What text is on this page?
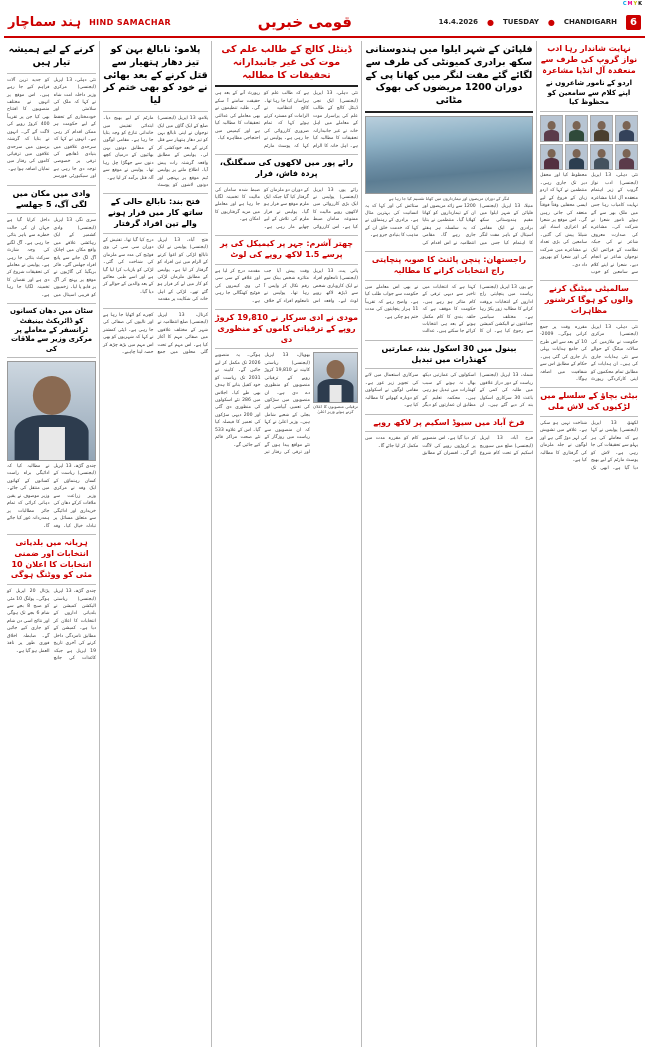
CMYK
ہند سماچار HIND SAMACHAR	قومی خبریں	14.4.2026 ● TUESDAY ● CHANDIGARH	6
کرنے کے لیے ہمیشہ تیار ہیں
نئی دہلی، 13 اپریل (ایجنسی) مرکزی وزیر داخلہ امت شاہ نے کہا کہ ملک کی سلامتی اور خودمختاری کے تحفظ کے لیے حکومت ہر ممکن اقدام کر رہی ہے۔ انہوں نے کہا کہ سرحدی علاقوں میں بنیادی ڈھانچے کی ترقی پر خصوصی توجہ دی جا رہی ہے اور سیکیورٹی فورسز کو جدید ترین آلات فراہم کیے جا رہے ہیں۔ اس موقع پر انہوں نے مختلف منصوبوں کا افتتاح بھی کیا جن پر تقریباً 400 کروڑ روپے کی لاگت آئے گی۔ انہوں نے بتایا کہ گزشتہ برسوں میں سرحدی علاقوں میں ترقیاتی کاموں کی رفتار میں نمایاں اضافہ ہوا ہے۔
وادی میں مکان میں لگی آگ، 5 جھلسے
سری نگر، 13 اپریل (ایجنسی) وادی کشمیر کے ایک رہائشی علاقے میں واقع مکان میں اچانک آگ لگ جانے سے پانچ افراد جھلس گئے۔ فائر بریگیڈ کی گاڑیوں نے موقع پر پہنچ کر آگ پر قابو پا لیا۔ زخمیوں کو قریبی اسپتال میں داخل کرایا گیا ہے جہاں ان کی حالت خطرے سے باہر بتائی جا رہی ہے۔ آگ لگنے کی وجہ شارٹ سرکٹ بتائی جا رہی ہے۔ پولیس نے معاملے کی تحقیقات شروع کر دی ہے اور نقصان کا تخمینہ لگایا جا رہا ہے۔
سٹان میں دھان کسانوں کو ڈائریکٹ بینیفٹ ٹرانسفر کے معاملے پر مرکزی وزیر سے ملاقات کی
چندی گڑھ، 13 اپریل (ایجنسی) ریاست کے کسان رہنماؤں کے ایک وفد نے مرکزی وزیر زراعت سے ملاقات کرکے دھان کی خریداری اور ادائیگی سے متعلق مسائل پر تبادلہ خیال کیا۔ وفد نے مطالبہ کیا کہ ادائیگی براہ راست کسانوں کے کھاتوں میں منتقل کی جائے۔ وزیر موصوف نے یقین دہانی کرائی کہ تمام جائز مطالبات پر ہمدردانہ غور کیا جائے گا۔
ہریانہ میں بلدیاتی انتخابات اور ضمنی انتخابات کا اعلان 10 مئی کو ووٹنگ ہوگی
چندی گڑھ، 13 اپریل (ایجنسی) ریاستی الیکشن کمیشن نے بلدیاتی اداروں کے انتخابات کا اعلان کر دیا ہے۔ کمیشن کے مطابق نامزدگی داخل کرنے کی آخری تاریخ 19 اپریل ہے جبکہ کاغذات کی جانچ پڑتال 20 اپریل کو ہوگی۔ پولنگ 10 مئی کو صبح 8 بجے سے شام 6 بجے تک ہوگی اور نتائج اسی دن شام کو جاری کیے جائیں گے۔ ضابطہ اخلاق فوری طور پر نافذ العمل ہو گیا ہے۔
پلامو: نابالغ بہن کو تیز دھار ہتھیار سے قتل کرنے کے بعد بھائی نے خود کو بھی ختم کر لیا
پلامو، 13 اپریل (ایجنسی) ضلع کے ایک گاؤں میں ایک نوجوان نے اپنی نابالغ بہن کو تیز دھار ہتھیار سے قتل کرنے کے بعد خودکشی کر لی۔ پولیس کے مطابق واقعہ گزشتہ رات پیش آیا۔ اطلاع ملنے پر پولیس ٹیم موقع پر پہنچی اور دونوں لاشوں کو پوسٹ مارٹم کے لیے بھیج دیا۔ ابتدائی تفتیش میں خاندانی تنازع کو وجہ بتایا جا رہا ہے۔ مقامی لوگوں کے مطابق دونوں بہن بھائیوں کے درمیان کچھ دنوں سے جھگڑا چل رہا تھا۔ پولیس نے موقع سے آلہ قتل برآمد کر لیا ہے۔
فتح بند: نابالغ حالی کے ساتھ کار میں فرار ہونے والے تین افراد گرفتار
فتح آباد، 13 اپریل (ایجنسی) پولیس نے ایک نابالغ لڑکی کو اغوا کرنے کے الزام میں تین افراد کو گرفتار کر لیا ہے۔ پولیس کے مطابق ملزمان لڑکی کو کار میں لے کر فرار ہو گئے تھے۔ لڑکی کے اہل خانہ کی شکایت پر مقدمہ درج کیا گیا تھا۔ تفتیش کے دوران سی سی ٹی وی فوٹیج کی مدد سے ملزمان کی شناخت کی گئی۔ لڑکی کو بازیاب کرا لیا گیا ہے اور اسے طبی معائنے کے بعد والدین کے حوالے کر دیا گیا۔
کرنال، 13 اپریل (ایجنسی) ضلع انتظامیہ نے شہر کے مختلف علاقوں میں صفائی مہم کا آغاز کیا ہے۔ اس مہم کے تحت گلی محلوں میں جمع کچرے کو اٹھایا جا رہا ہے اور نالیوں کی صفائی کی جا رہی ہے۔ ڈپٹی کمشنر نے کہا کہ شہریوں کو بھی اس مہم میں بڑھ چڑھ کر حصہ لینا چاہیے۔
ڈینٹل کالج کے طالب علم کی موت کی غیر جانبدارانہ تحقیقات کا مطالبہ
نئی دہلی، 13 اپریل (ایجنسی) ایک نجی ڈینٹل کالج کے طالب علم کی پراسرار موت کے معاملے میں اہل خانہ نے غیر جانبدارانہ تحقیقات کا مطالبہ کیا ہے۔ اہل خانہ کا الزام ہے کہ طالب علم کو ہراساں کیا جا رہا تھا۔ کالج انتظامیہ نے الزامات کو مسترد کرتے ہوئے کہا کہ تمام ضروری کارروائی کی جا رہی ہے۔ پولیس نے کہا کہ پوسٹ مارٹم رپورٹ آنے کے بعد ہی حقیقت سامنے آ سکے گی۔ طلبہ تنظیموں نے بھی معاملے کی عدالتی تحقیقات کا مطالبہ کیا ہے اور کیمپس میں احتجاجی مظاہرہ کیا۔
رائے پور میں لاکھوں کی سمگلنگ، پردہ فاش، فرار
رائے پور، 13 اپریل (ایجنسی) پولیس نے ایک بڑی کارروائی میں لاکھوں روپے مالیت کا ممنوعہ سامان ضبط کیا ہے۔ اس کارروائی کے دوران دو ملزمان کو گرفتار کیا گیا جبکہ ایک ملزم موقع سے فرار ہو گیا۔ پولیس نے فرار ملزم کی تلاش کے لیے چھاپے مار رہی ہے۔ ضبط شدہ سامان کی مالیت کا تخمینہ لگایا جا رہا ہے اور معاملے میں مزید گرفتاریوں کا امکان ہے۔
چھتر آشرم: جہر پر کیمیکل کی پر پرسے 1.5 لاکھ روپے کی لوٹ
پانی پت، 13 اپریل (ایجنسی) نامعلوم افراد نے ایک کاروباری شخص سے ڈیڑھ لاکھ روپے لوٹ لیے۔ واقعہ اس وقت پیش آیا جب متاثرہ شخص بینک سے رقم نکال کر واپس آ رہا تھا۔ پولیس نے نامعلوم افراد کے خلاف مقدمہ درج کر لیا ہے اور علاقے کے سی سی ٹی وی کیمروں کی فوٹیج کھنگالی جا رہی ہے۔
مودی نے ادی سرکار نے 19,810 کروڑ روپے کے ترقیاتی کاموں کو منظوری دی
ترقیاتی منصوبوں کا اعلان کرتے ہوئے وزیر اعلیٰ
بھوپال، 13 اپریل (ایجنسی) ریاستی کابینہ نے 19,810 کروڑ روپے کے ترقیاتی منصوبوں کو منظوری دے دی ہے۔ ان منصوبوں میں سڑکوں کی تعمیر، آبپاشی اور بجلی کے شعبے شامل ہیں۔ وزیر اعلیٰ نے کہا کہ ان منصوبوں سے ریاست میں روزگار کے نئے مواقع پیدا ہوں گے اور ترقی کی رفتار تیز ہوگی۔ یہ منصوبے 2026 تک مکمل کر لیے جائیں گے۔ کابینہ نے 2031 تک ریاست کو خود کفیل بنانے کا ہدف بھی طے کیا۔ اجلاس میں 286 نئے اسکولوں کی منظوری دی گئی اور 200 دیہی سڑکوں کی تعمیر کا فیصلہ کیا گیا۔ اس کے علاوہ 533 نئے صحت مراکز قائم کیے جائیں گے۔
فلپائن کے شہر ایلوا میں ہندوستانی سکھ برادری کمیونٹی کی طرف سے لگائے گئے مفت لنگر میں کھانا پی کے دوران 1200 مریضوں کی بھوک مٹائی
لنگر کے دوران مریضوں اور تیمارداروں میں کھانا تقسیم کیا جا رہا ہے
منیلا، 13 اپریل (ایجنسی) فلپائن کے شہر ایلوا میں مقیم ہندوستانی سکھ برادری نے ایک مقامی اسپتال کے باہر مفت لنگر کا اہتمام کیا جس میں 1200 سے زائد مریضوں اور ان کے تیمارداروں کو کھانا کھلایا گیا۔ منتظمین نے بتایا کہ یہ سلسلہ ہر ہفتے جاری رہے گا۔ مقامی انتظامیہ نے اس اقدام کی ستائش کی اور کہا کہ یہ انسانیت کی بہترین مثال ہے۔ برادری کے رہنماؤں نے کہا کہ خدمت خلق ان کے مذہب کا بنیادی جزو ہے۔
راجستھان: پنچن پائنٹ کا صوبہ پنچایتی راج انتخابات کرانے کا مطالبہ
جے پور، 13 اپریل (ایجنسی) ریاست میں پنچایتی راج اداروں کے انتخابات بروقت کرانے کا مطالبہ زور پکڑ رہا ہے۔ مختلف سیاسی جماعتوں نے الیکشن کمیشن سے رجوع کیا ہے۔ ان کا کہنا ہے کہ انتخابات میں تاخیر سے دیہی ترقی کے کام متاثر ہو رہے ہیں۔ حکومت کا موقف ہے کہ حلقہ بندی کا کام مکمل ہونے کے بعد ہی انتخابات کرائے جا سکتے ہیں۔ عدالت نے بھی اس معاملے میں حکومت سے جواب طلب کیا ہے۔ واضح رہے کہ تقریباً 11 ہزار پنچایتوں کی مدت ختم ہو چکی ہے۔
بینول میں 30 اسکول بند، عمارتیں کھنڈرات میں تبدیل
شملہ، 13 اپریل (ایجنسی) ریاست کے دور دراز علاقوں میں طلبہ کی کمی کے باعث 30 سرکاری اسکول بند کر دیے گئے ہیں۔ ان اسکولوں کی عمارتیں دیکھ بھال نہ ہونے کے سبب کھنڈرات میں تبدیل ہو رہی ہیں۔ محکمہ تعلیم کے مطابق ان عمارتوں کو دیگر سرکاری استعمال میں لانے کی تجویز زیر غور ہے۔ مقامی لوگوں نے اسکولوں کو دوبارہ کھولنے کا مطالبہ کیا ہے۔
فرخ آباد میں سیوڈ اسکیم پر لاکھ روپے
فرخ آباد، 13 اپریل (ایجنسی) ضلع میں سیوریج اسکیم کے تحت کام شروع کر دیا گیا ہے۔ اس منصوبے پر کروڑوں روپے کی لاگت آئے گی۔ افسران کے مطابق کام کو مقررہ مدت میں مکمل کر لیا جائے گا۔
نہایت شاندار رہا ادب نواز گروپ کی طرف سے منعقدہ آل انڈیا مشاعرہ
اردو کے نامور شاعروں نے اپنے کلام سے سامعین کو محظوظ کیا
نئی دہلی، 13 اپریل (ایجنسی) ادب نواز گروپ کے زیر اہتمام منعقدہ آل انڈیا مشاعرہ نہایت کامیاب رہا جس میں ملک بھر سے آئے ہوئے نامور شعرا نے شرکت کی۔ مشاعرے کی صدارت معروف شاعر نے کی جبکہ نظامت کے فرائض ایک نوجوان شاعر نے انجام دیے۔ شعرا نے اپنے کلام سے سامعین کو خوب محظوظ کیا اور محفل دیر تک جاری رہی۔ منتظمین نے کہا کہ اردو زبان کے فروغ کے لیے ایسی محفلیں وقتاً فوقتاً منعقد کی جاتی رہیں گی۔ اس موقع پر شعرا کو اعزازی اسناد اور شیلڈ پیش کی گئیں۔ سامعین کی بڑی تعداد نے مشاعرے میں شرکت کی اور شعرا کو بھرپور داد دی۔
سالمیٹی میٹنگ کرنے والوں کو ہوگا کرشنور مظاہرات
نئی دہلی، 13 اپریل (ایجنسی) مرکزی حکومت نے ملازمین کی سالانہ میٹنگ کے حوالے سے نئی ہدایات جاری کی ہیں۔ ان ہدایات کے مطابق تمام محکموں کو اپنی کارکردگی رپورٹ مقررہ وقت پر جمع کرانی ہوگی۔ 2009-10 کے بعد سے اس طرح کی جامع ہدایات پہلی بار جاری کی گئی ہیں۔ حکام کے مطابق اس سے شفافیت میں اضافہ ہوگا۔
بیٹی بچاؤ کے سلسلے میں لڑکیوں کی لاش ملی
لکھنؤ، 13 اپریل (ایجنسی) پولیس نے کہا ہے کہ معاملے کی ہر پہلو سے تحقیقات کی جا رہی ہے۔ لاش کو پوسٹ مارٹم کے لیے بھیج دیا گیا ہے۔ ابھی تک شناخت نہیں ہو سکی ہے۔ علاقے میں تشویش کی لہر دوڑ گئی ہے اور لوگوں نے جلد ملزمان کی گرفتاری کا مطالبہ کیا ہے۔
